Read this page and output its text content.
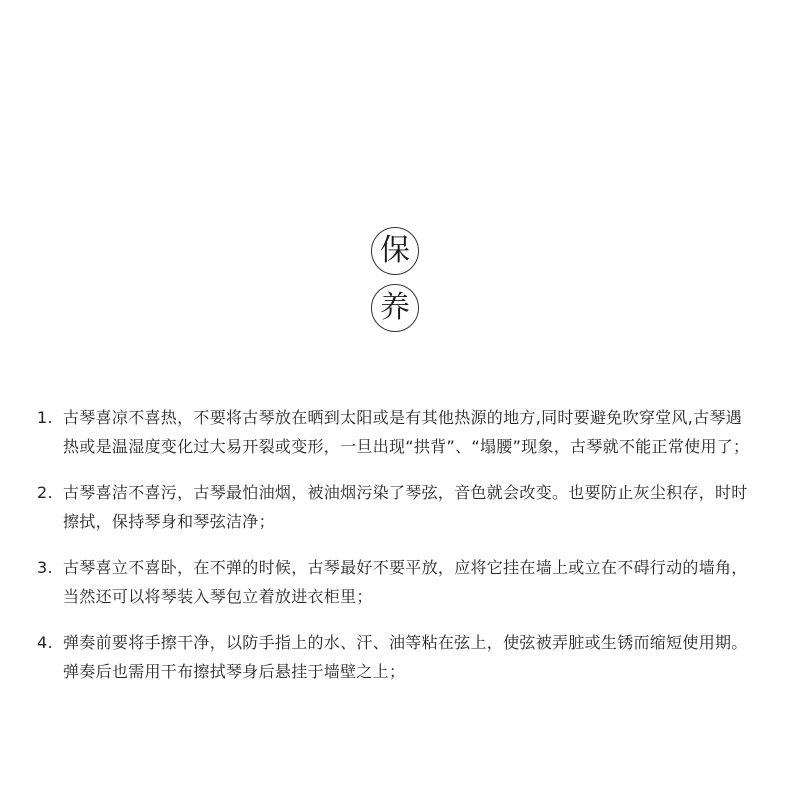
保
养
1. 古琴喜凉不喜热，不要将古琴放在晒到太阳或是有其他热源的地方,同时要避免吹穿堂风,古琴遇热或是温湿度变化过大易开裂或变形，一旦出现“拱背”、“塌腰”现象，古琴就不能正常使用了；
2. 古琴喜洁不喜污，古琴最怕油烟，被油烟污染了琴弦，音色就会改变。也要防止灰尘积存，时时擦拭，保持琴身和琴弦洁净；
3. 古琴喜立不喜卧，在不弹的时候，古琴最好不要平放，应将它挂在墙上或立在不碍行动的墙角，当然还可以将琴装入琴包立着放进衣柜里；
4. 弹奏前要将手擦干净，以防手指上的水、汗、油等粘在弦上，使弦被弄脏或生锈而缩短使用期。弹奏后也需用干布擦拭琴身后悬挂于墙壁之上；
